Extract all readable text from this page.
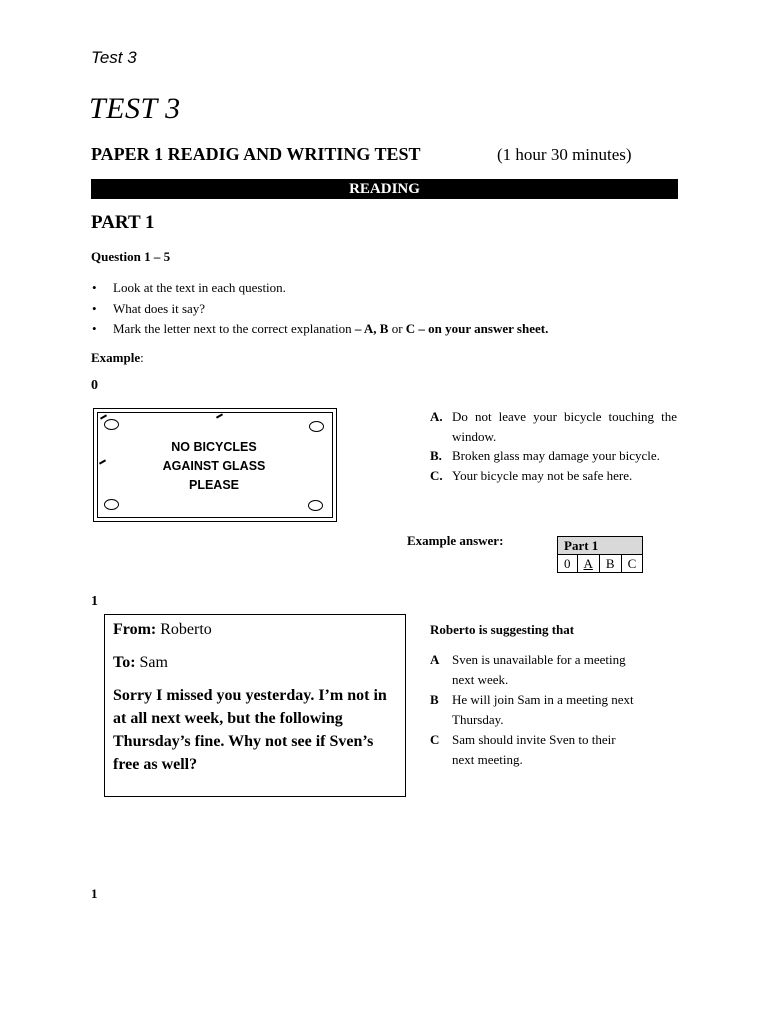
Test 3
TEST 3
PAPER 1 READIG AND WRITING TEST	(1 hour 30 minutes)
READING
PART 1
Question 1 – 5
• Look at the text in each question.
• What does it say?
• Mark the letter next to the correct explanation – A, B or C – on your answer sheet.
Example:
0
NO BICYCLES
AGAINST GLASS
PLEASE
A. Do not leave your bicycle touching the window.
B. Broken glass may damage your bicycle.
C. Your bicycle may not be safe here.
Example answer:	Part 1
0	A	B	C
1
From: Roberto
To: Sam
Sorry I missed you yesterday. I’m not in at all next week, but the following Thursday’s fine. Why not see if Sven’s free as well?
Roberto is suggesting that
A Sven is unavailable for a meeting next week.
B	He will join Sam in a meeting next Thursday.
C Sam should invite Sven to their next meeting.
1
